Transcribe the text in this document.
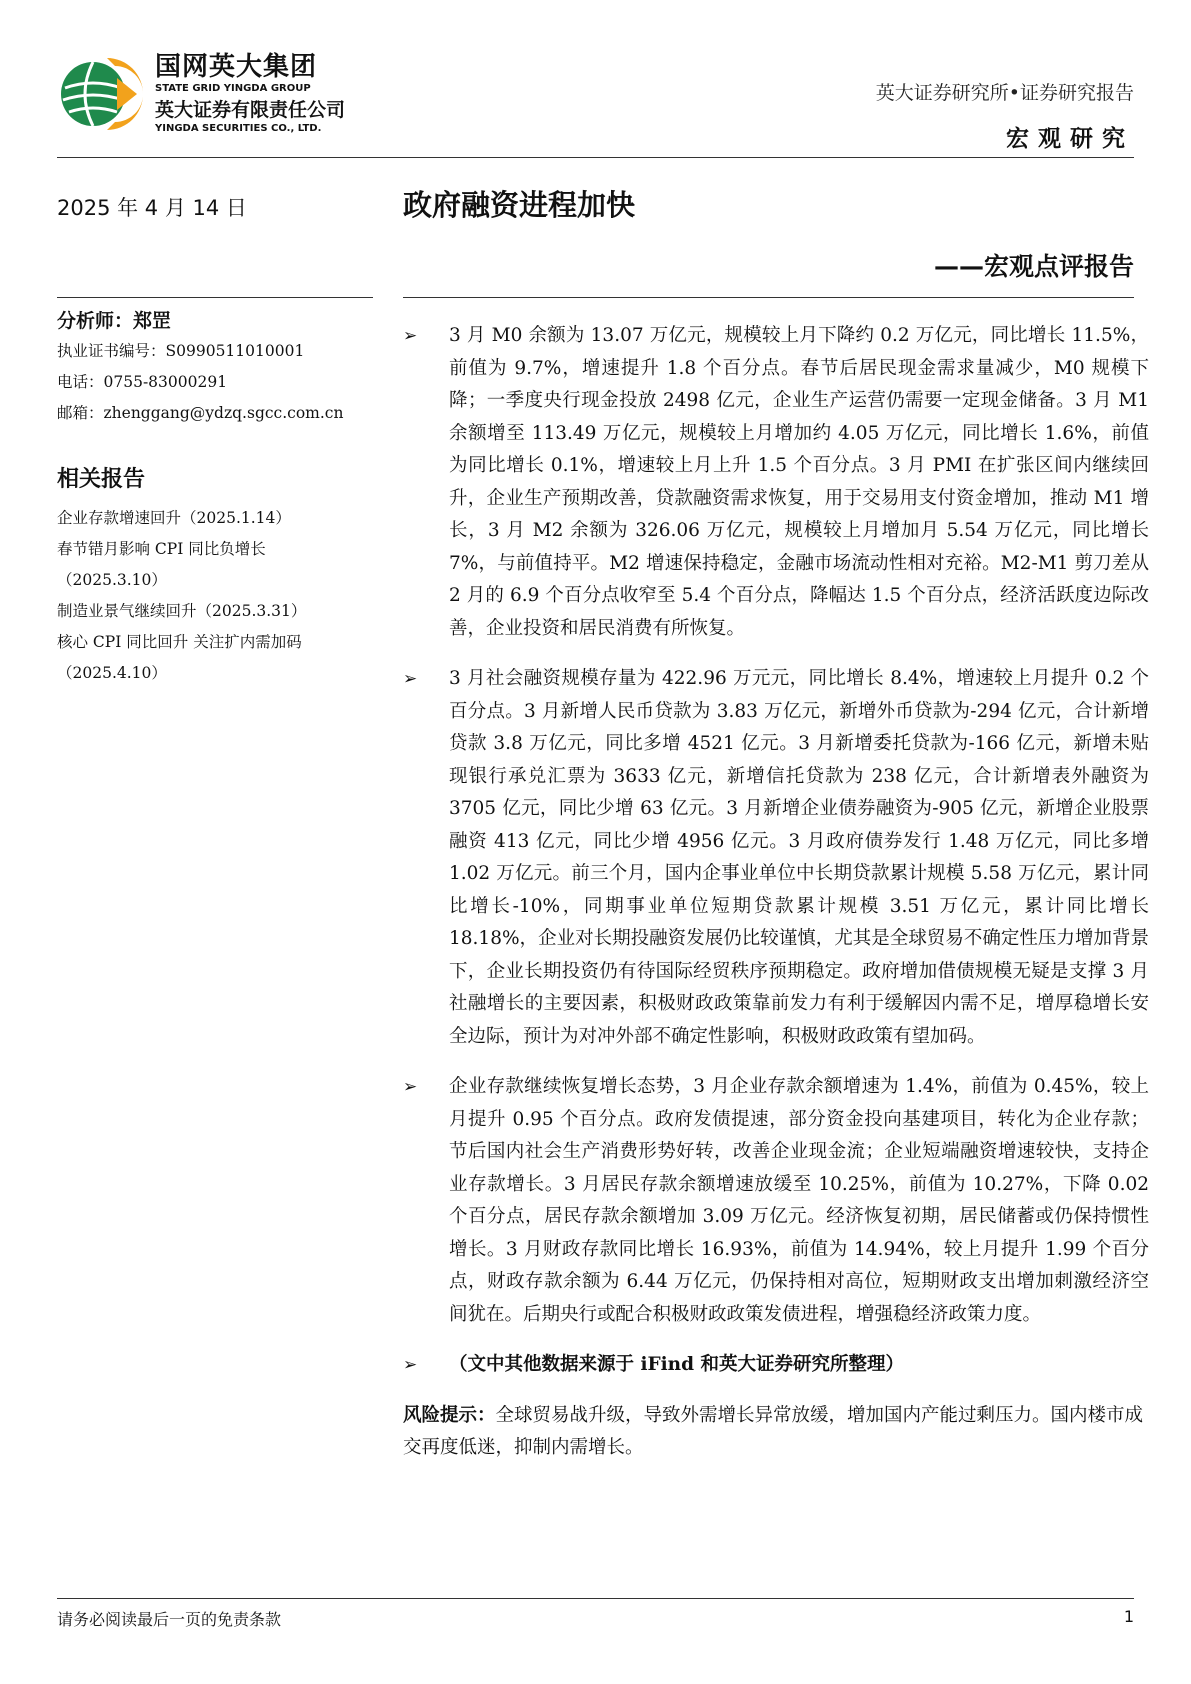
国网英大集团
STATE GRID YINGDA GROUP
英大证券有限责任公司
YINGDA SECURITIES CO., LTD.
英大证券研究所•证券研究报告
宏观研究
2025 年 4 月 14 日	政府融资进程加快
——宏观点评报告
分析师：郑罡
执业证书编号：S0990511010001
电话：0755-83000291
邮箱：zhenggang@ydzq.sgcc.com.cn
相关报告
企业存款增速回升（2025.1.14）
春节错月影响 CPI 同比负增长
（2025.3.10）
制造业景气继续回升（2025.3.31）
核心 CPI 同比回升 关注扩内需加码
（2025.4.10）
➢ 3 月 M0 余额为 13.07 万亿元，规模较上月下降约 0.2 万亿元，同比增长 11.5%，前值为 9.7%，增速提升 1.8 个百分点。春节后居民现金需求量减少，M0 规模下降；一季度央行现金投放 2498 亿元，企业生产运营仍需要一定现金储备。3 月 M1 余额增至 113.49 万亿元，规模较上月增加约 4.05 万亿元，同比增长 1.6%，前值为同比增长 0.1%，增速较上月上升 1.5 个百分点。3 月 PMI 在扩张区间内继续回升，企业生产预期改善，贷款融资需求恢复，用于交易用支付资金增加，推动 M1 增长，3 月 M2 余额为 326.06 万亿元，规模较上月增加月 5.54 万亿元，同比增长 7%，与前值持平。M2 增速保持稳定，金融市场流动性相对充裕。M2-M1 剪刀差从 2 月的 6.9 个百分点收窄至 5.4 个百分点，降幅达 1.5 个百分点，经济活跃度边际改善，企业投资和居民消费有所恢复。
➢ 3 月社会融资规模存量为 422.96 万元元，同比增长 8.4%，增速较上月提升 0.2 个百分点。3 月新增人民币贷款为 3.83 万亿元，新增外币贷款为-294 亿元，合计新增贷款 3.8 万亿元，同比多增 4521 亿元。3 月新增委托贷款为-166 亿元，新增未贴现银行承兑汇票为 3633 亿元，新增信托贷款为 238 亿元，合计新增表外融资为 3705 亿元，同比少增 63 亿元。3 月新增企业债券融资为-905 亿元，新增企业股票融资 413 亿元，同比少增 4956 亿元。3 月政府债券发行 1.48 万亿元，同比多增 1.02 万亿元。前三个月，国内企事业单位中长期贷款累计规模 5.58 万亿元，累计同比增长-10%，同期事业单位短期贷款累计规模 3.51 万亿元，累计同比增长 18.18%，企业对长期投融资发展仍比较谨慎，尤其是全球贸易不确定性压力增加背景下，企业长期投资仍有待国际经贸秩序预期稳定。政府增加借债规模无疑是支撑 3 月社融增长的主要因素，积极财政政策靠前发力有利于缓解因内需不足，增厚稳增长安全边际，预计为对冲外部不确定性影响，积极财政政策有望加码。
➢ 企业存款继续恢复增长态势，3 月企业存款余额增速为 1.4%，前值为 0.45%，较上月提升 0.95 个百分点。政府发债提速，部分资金投向基建项目，转化为企业存款；节后国内社会生产消费形势好转，改善企业现金流；企业短端融资增速较快，支持企业存款增长。3 月居民存款余额增速放缓至 10.25%，前值为 10.27%，下降 0.02 个百分点，居民存款余额增加 3.09 万亿元。经济恢复初期，居民储蓄或仍保持惯性增长。3 月财政存款同比增长 16.93%，前值为 14.94%，较上月提升 1.99 个百分点，财政存款余额为 6.44 万亿元，仍保持相对高位，短期财政支出增加刺激经济空间犹在。后期央行或配合积极财政政策发债进程，增强稳经济政策力度。
➢ （文中其他数据来源于 iFind 和英大证券研究所整理）
风险提示：全球贸易战升级，导致外需增长异常放缓，增加国内产能过剩压力。国内楼市成交再度低迷，抑制内需增长。
请务必阅读最后一页的免责条款	1
